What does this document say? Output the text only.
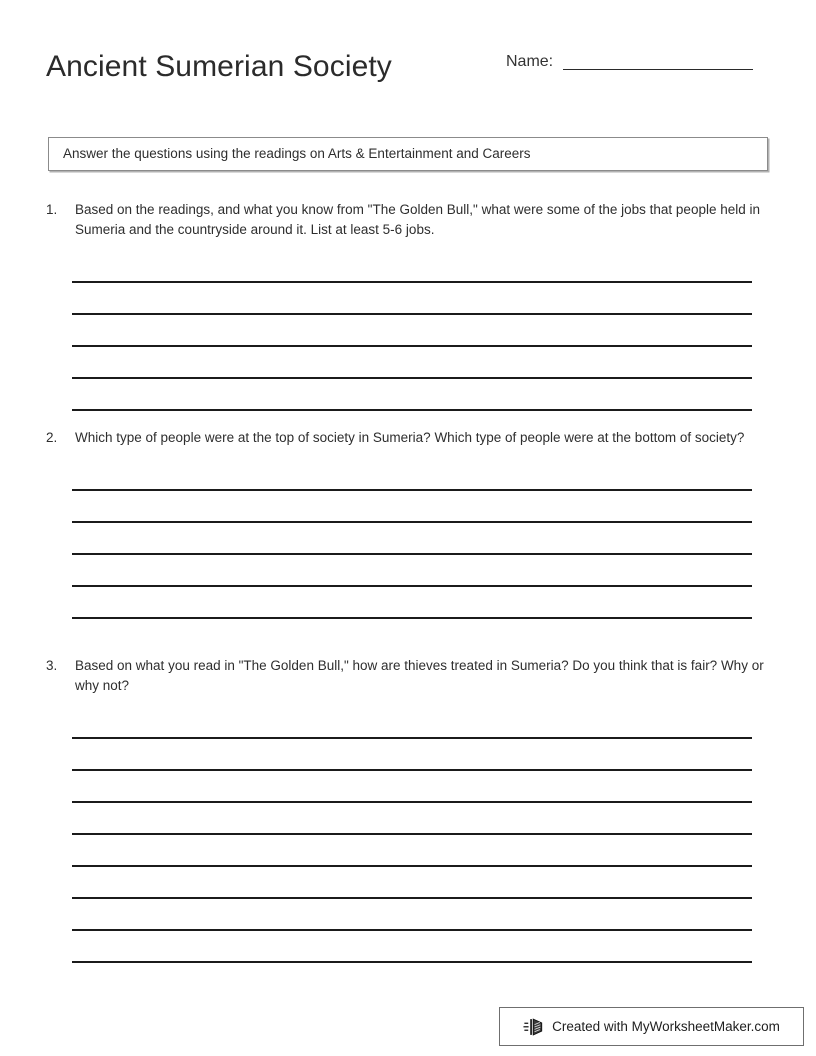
Ancient Sumerian Society	Name:
Answer the questions using the readings on Arts & Entertainment and Careers
1.	Based on the readings, and what you know from "The Golden Bull," what were some of the jobs that people held in Sumeria and the countryside around it. List at least 5-6 jobs.
2.	Which type of people were at the top of society in Sumeria? Which type of people were at the bottom of society?
3.	Based on what you read in "The Golden Bull," how are thieves treated in Sumeria? Do you think that is fair? Why or why not?
Created with MyWorksheetMaker.com
